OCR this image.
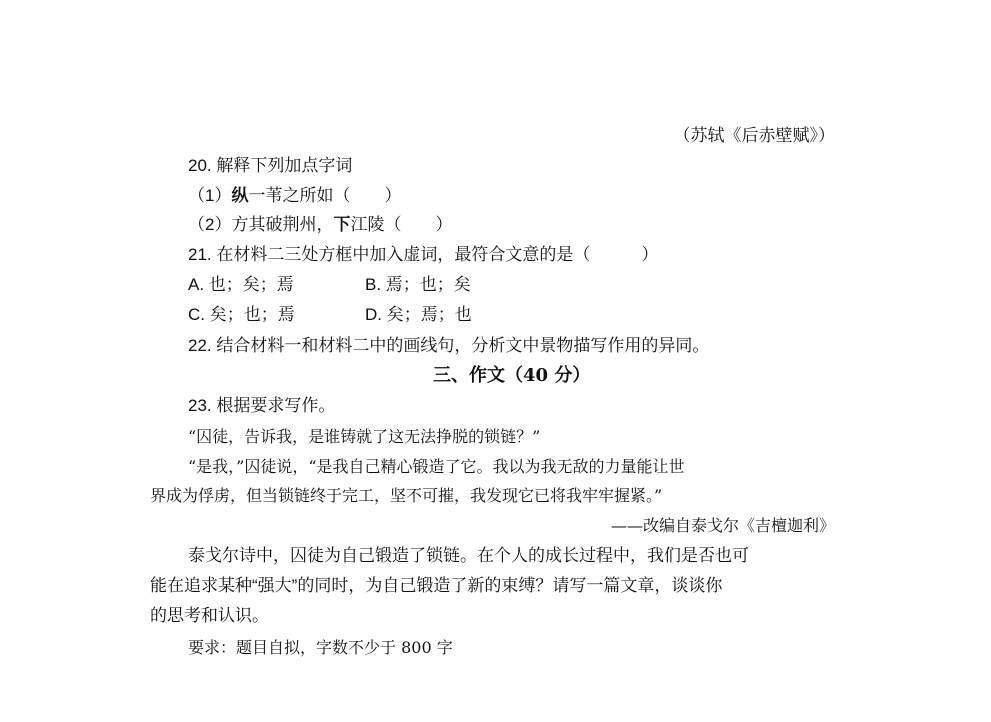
（苏轼《后赤壁赋》）
20. 解释下列加点字词
（1）纵一苇之所如（　　）
（2）方其破荆州，下江陵（　　）
21. 在材料二三处方框中加入虚词，最符合文意的是（　　　）
A. 也；矣；焉	B. 焉；也；矣
C. 矣；也；焉	D. 矣；焉；也
22. 结合材料一和材料二中的画线句，分析文中景物描写作用的异同。
三、作文（40 分）
23. 根据要求写作。
“囚徒，告诉我，是谁铸就了这无法挣脱的锁链？”
“是我，”囚徒说，“是我自己精心锻造了它。我以为我无敌的力量能让世
界成为俘虏，但当锁链终于完工，坚不可摧，我发现它已将我牢牢握紧。”
——改编自泰戈尔《吉檀迦利》
泰戈尔诗中，囚徒为自己锻造了锁链。在个人的成长过程中，我们是否也可
能在追求某种“强大”的同时，为自己锻造了新的束缚？请写一篇文章，谈谈你
的思考和认识。
要求：题目自拟，字数不少于 800 字
